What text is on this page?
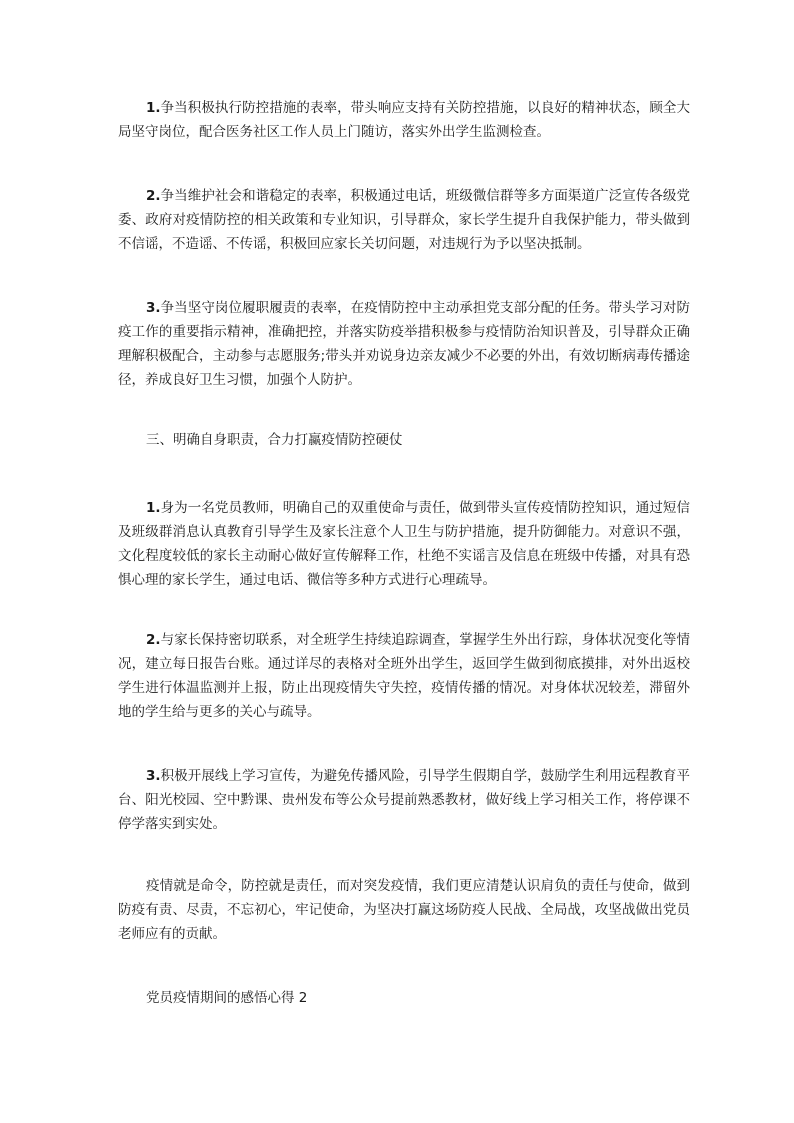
1.争当积极执行防控措施的表率，带头响应支持有关防控措施，以良好的精神状态，顾全大局坚守岗位，配合医务社区工作人员上门随访，落实外出学生监测检查。

2.争当维护社会和谐稳定的表率，积极通过电话，班级微信群等多方面渠道广泛宣传各级党委、政府对疫情防控的相关政策和专业知识，引导群众，家长学生提升自我保护能力，带头做到不信谣，不造谣、不传谣，积极回应家长关切问题，对违规行为予以坚决抵制。

3.争当坚守岗位履职履责的表率，在疫情防控中主动承担党支部分配的任务。带头学习对防疫工作的重要指示精神，准确把控，并落实防疫举措积极参与疫情防治知识普及，引导群众正确理解积极配合，主动参与志愿服务;带头并劝说身边亲友减少不必要的外出，有效切断病毒传播途径，养成良好卫生习惯，加强个人防护。

三、明确自身职责，合力打赢疫情防控硬仗

1.身为一名党员教师，明确自己的双重使命与责任，做到带头宣传疫情防控知识，通过短信及班级群消息认真教育引导学生及家长注意个人卫生与防护措施，提升防御能力。对意识不强，文化程度较低的家长主动耐心做好宣传解释工作，杜绝不实谣言及信息在班级中传播，对具有恐惧心理的家长学生，通过电话、微信等多种方式进行心理疏导。

2.与家长保持密切联系，对全班学生持续追踪调查，掌握学生外出行踪，身体状况变化等情况，建立每日报告台账。通过详尽的表格对全班外出学生，返回学生做到彻底摸排，对外出返校学生进行体温监测并上报，防止出现疫情失守失控，疫情传播的情况。对身体状况较差，滞留外地的学生给与更多的关心与疏导。

3.积极开展线上学习宣传，为避免传播风险，引导学生假期自学，鼓励学生利用远程教育平台、阳光校园、空中黔课、贵州发布等公众号提前熟悉教材，做好线上学习相关工作，将停课不停学落实到实处。

疫情就是命令，防控就是责任，而对突发疫情，我们更应清楚认识肩负的责任与使命，做到防疫有责、尽责，不忘初心，牢记使命，为坚决打赢这场防疫人民战、全局战，攻坚战做出党员老师应有的贡献。

党员疫情期间的感悟心得 2
